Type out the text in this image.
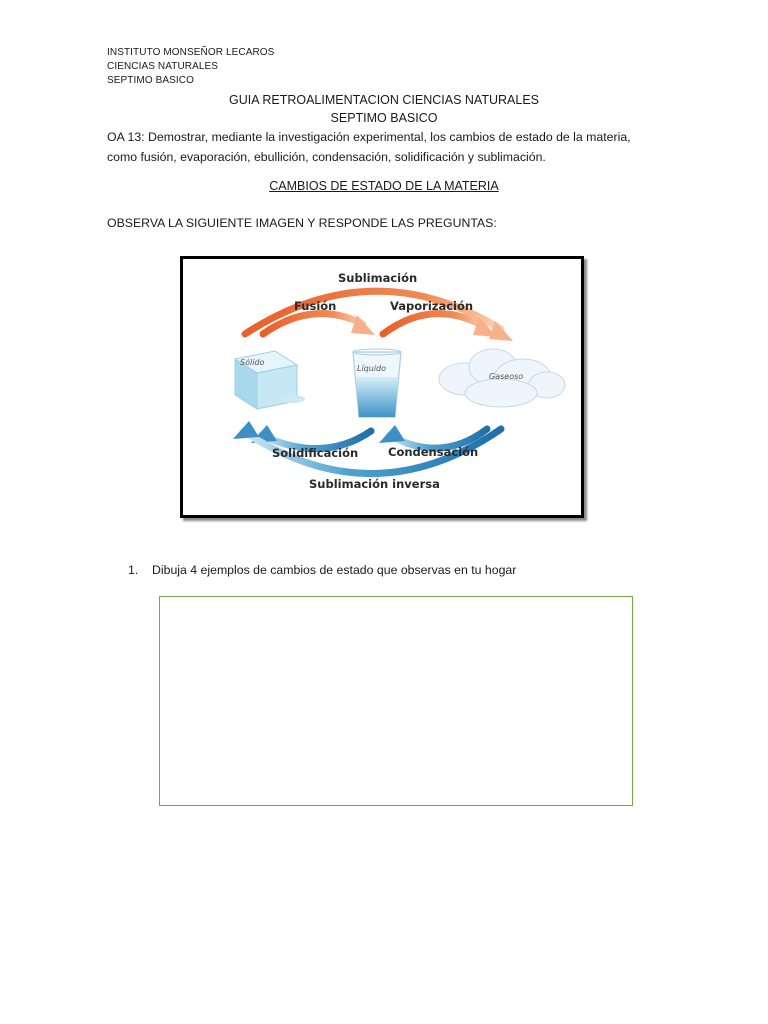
INSTITUTO MONSEÑOR LECAROS
CIENCIAS NATURALES
SEPTIMO BASICO
GUIA RETROALIMENTACION CIENCIAS NATURALES
SEPTIMO BASICO
OA 13: Demostrar, mediante la investigación experimental, los cambios de estado de la materia,
como fusión, evaporación, ebullición, condensación, solidificación y sublimación.
CAMBIOS DE ESTADO DE LA MATERIA
OBSERVA LA SIGUIENTE IMAGEN Y RESPONDE LAS PREGUNTAS:
Sublimación
Fusión	Vaporización
Sólido
Líquido
Gaseoso
Solidificación	Condensación
Sublimación inversa
1. Dibuja 4 ejemplos de cambios de estado que observas en tu hogar
